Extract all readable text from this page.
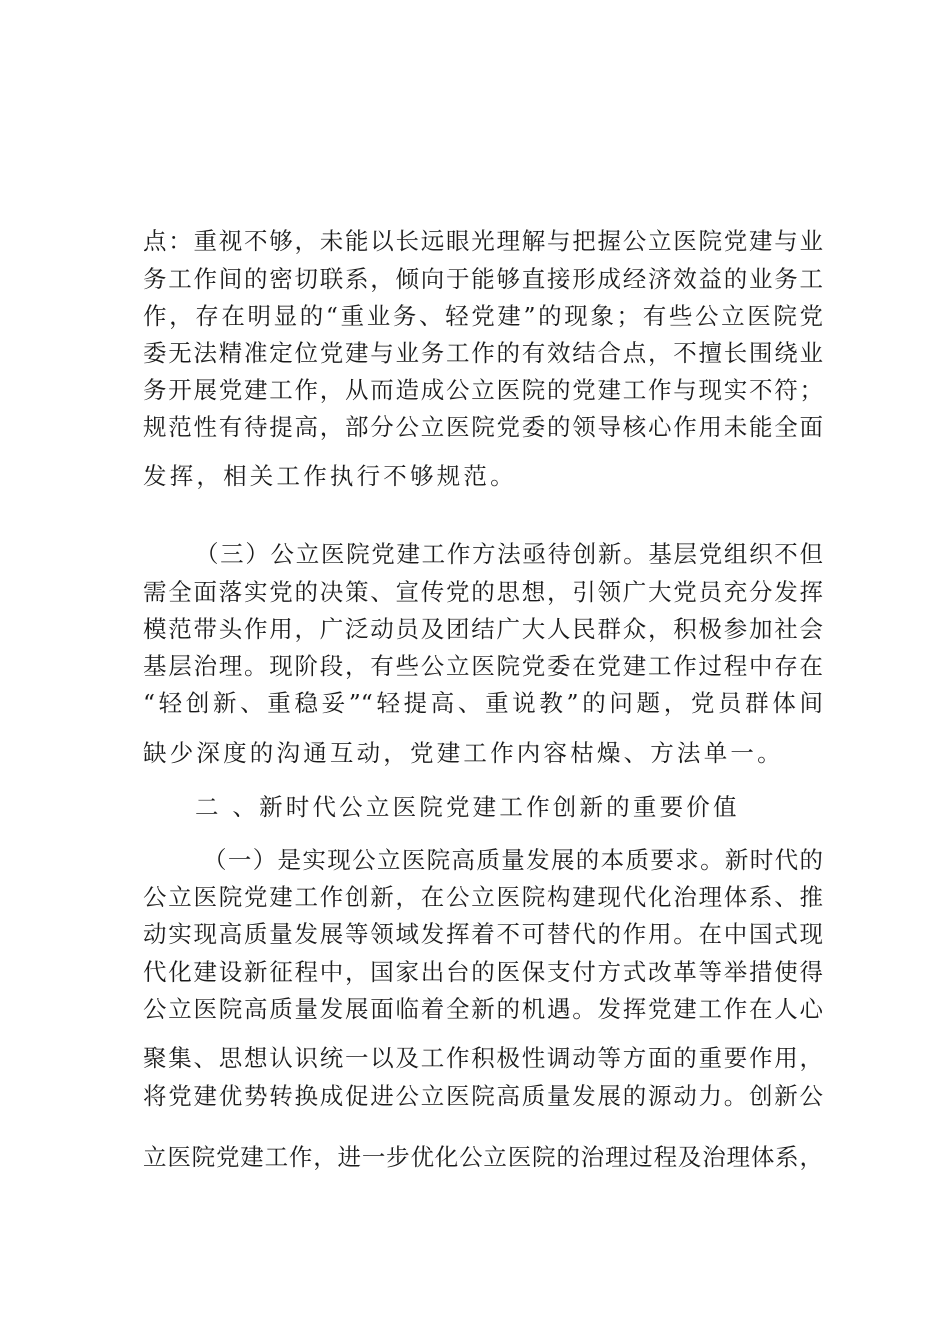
点：重视不够，未能以长远眼光理解与把握公立医院党建与业
务工作间的密切联系，倾向于能够直接形成经济效益的业务工
作，存在明显的“重业务、轻党建”的现象；有些公立医院党
委无法精准定位党建与业务工作的有效结合点，不擅长围绕业
务开展党建工作，从而造成公立医院的党建工作与现实不符；
规范性有待提高，部分公立医院党委的领导核心作用未能全面
发挥，相关工作执行不够规范。
（三）公立医院党建工作方法亟待创新。基层党组织不但
需全面落实党的决策、宣传党的思想，引领广大党员充分发挥
模范带头作用，广泛动员及团结广大人民群众，积极参加社会
基层治理。现阶段，有些公立医院党委在党建工作过程中存在
“轻创新、重稳妥”“轻提高、重说教”的问题，党员群体间
缺少深度的沟通互动，党建工作内容枯燥、方法单一。
二 、新时代公立医院党建工作创新的重要价值
（一）是实现公立医院高质量发展的本质要求。新时代的
公立医院党建工作创新，在公立医院构建现代化治理体系、推
动实现高质量发展等领域发挥着不可替代的作用。在中国式现
代化建设新征程中，国家出台的医保支付方式改革等举措使得
公立医院高质量发展面临着全新的机遇。发挥党建工作在人心
聚集、思想认识统一以及工作积极性调动等方面的重要作用，
将党建优势转换成促进公立医院高质量发展的源动力。创新公
立医院党建工作，进一步优化公立医院的治理过程及治理体系，
